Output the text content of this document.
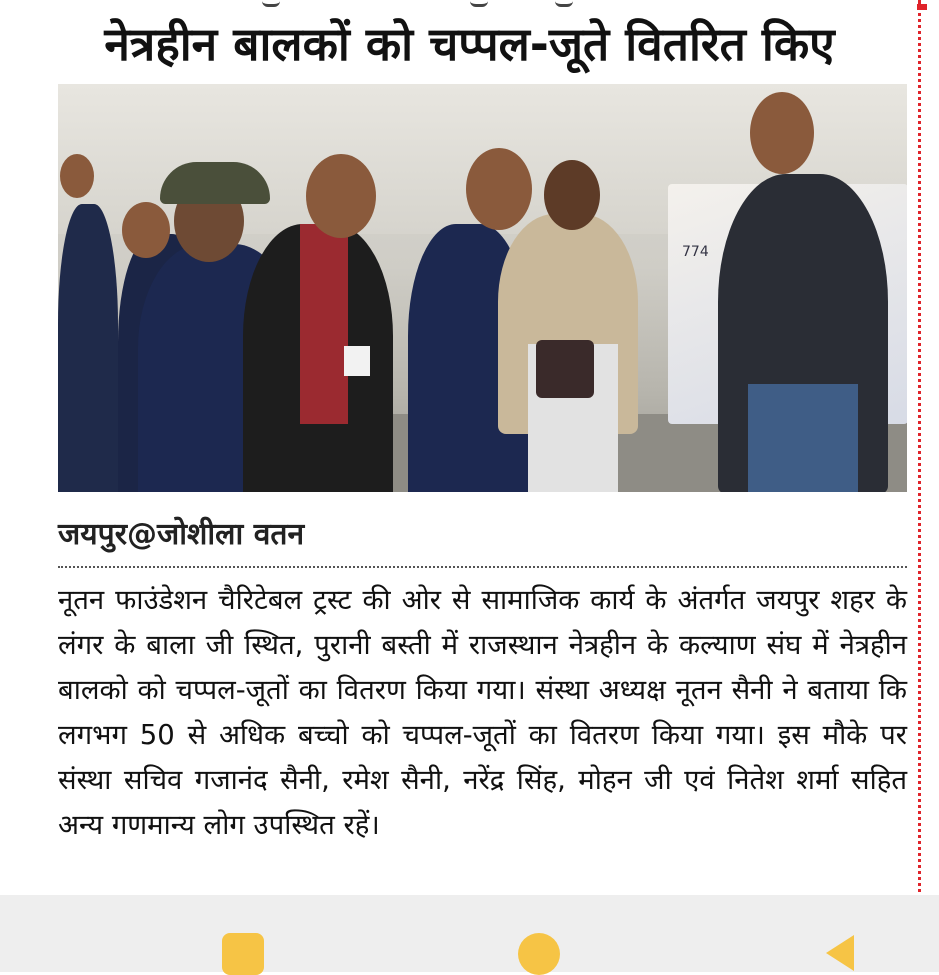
नेत्रहीन बालकों को चप्पल-जूते वितरित किए
774
जयपुर@जोशीला वतन

नूतन फाउंडेशन चैरिटेबल ट्रस्ट की ओर से सामाजिक कार्य के अंतर्गत जयपुर शहर के लंगर के बाला जी स्थित, पुरानी बस्ती में राजस्थान नेत्रहीन के कल्याण संघ में नेत्रहीन बालको को चप्पल-जूतों का वितरण किया गया। संस्था अध्यक्ष नूतन सैनी ने बताया कि लगभग 50 से अधिक बच्चो को चप्पल-जूतों का वितरण किया गया। इस मौके पर संस्था सचिव गजानंद सैनी, रमेश सैनी, नरेंद्र सिंह, मोहन जी एवं नितेश शर्मा सहित अन्य गणमान्य लोग उपस्थित रहें।
